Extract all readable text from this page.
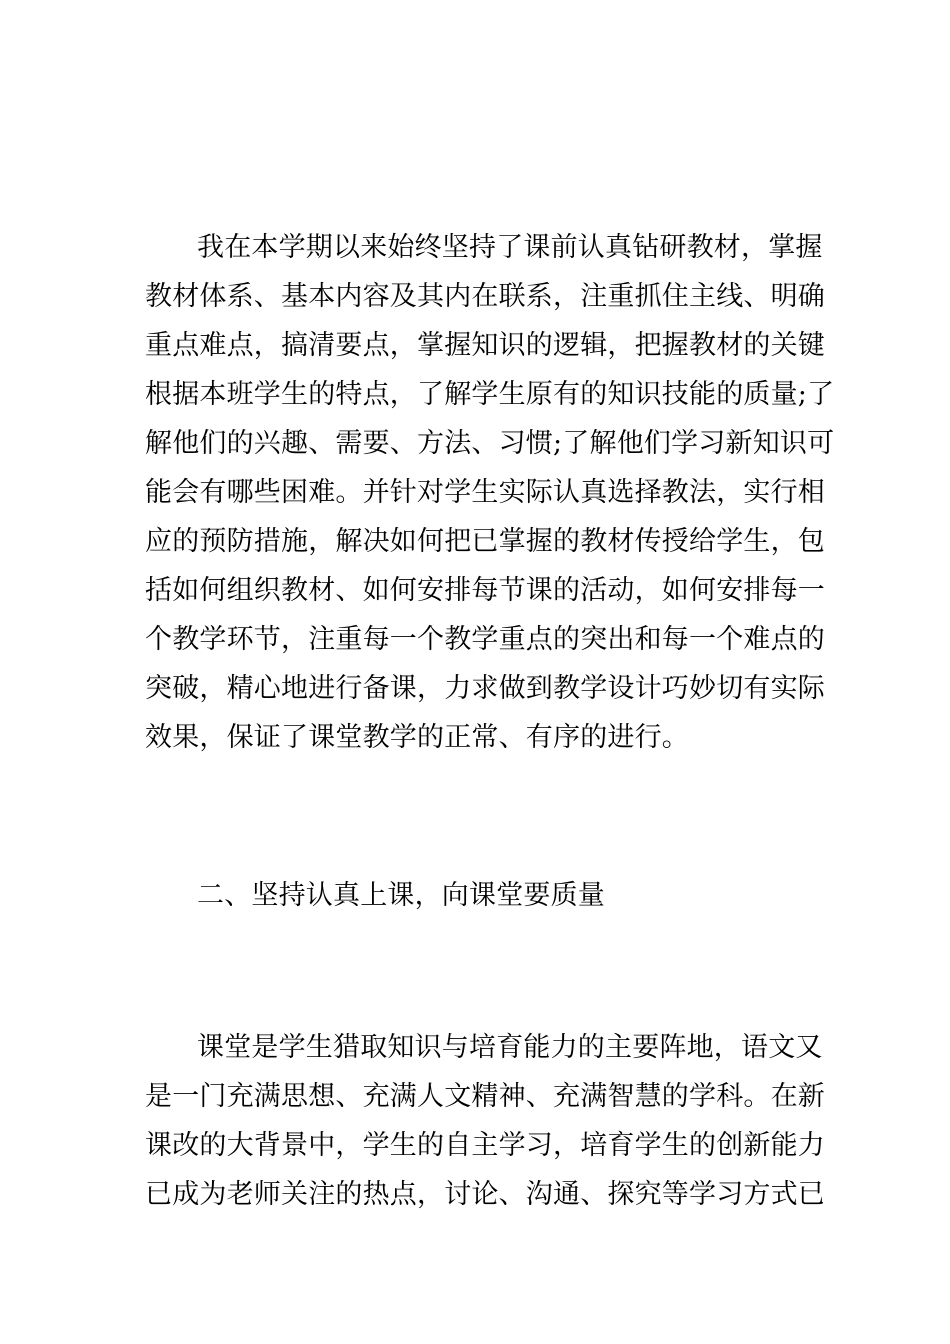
我在本学期以来始终坚持了课前认真钻研教材，掌握
教材体系、基本内容及其内在联系，注重抓住主线、明确
重点难点，搞清要点，掌握知识的逻辑，把握教材的关键
根据本班学生的特点，了解学生原有的知识技能的质量;了
解他们的兴趣、需要、方法、习惯;了解他们学习新知识可
能会有哪些困难。并针对学生实际认真选择教法，实行相
应的预防措施，解决如何把已掌握的教材传授给学生，包
括如何组织教材、如何安排每节课的活动，如何安排每一
个教学环节，注重每一个教学重点的突出和每一个难点的
突破，精心地进行备课，力求做到教学设计巧妙切有实际
效果，保证了课堂教学的正常、有序的进行。
二、坚持认真上课，向课堂要质量
课堂是学生猎取知识与培育能力的主要阵地，语文又
是一门充满思想、充满人文精神、充满智慧的学科。在新
课改的大背景中，学生的自主学习，培育学生的创新能力
已成为老师关注的热点，讨论、沟通、探究等学习方式已
